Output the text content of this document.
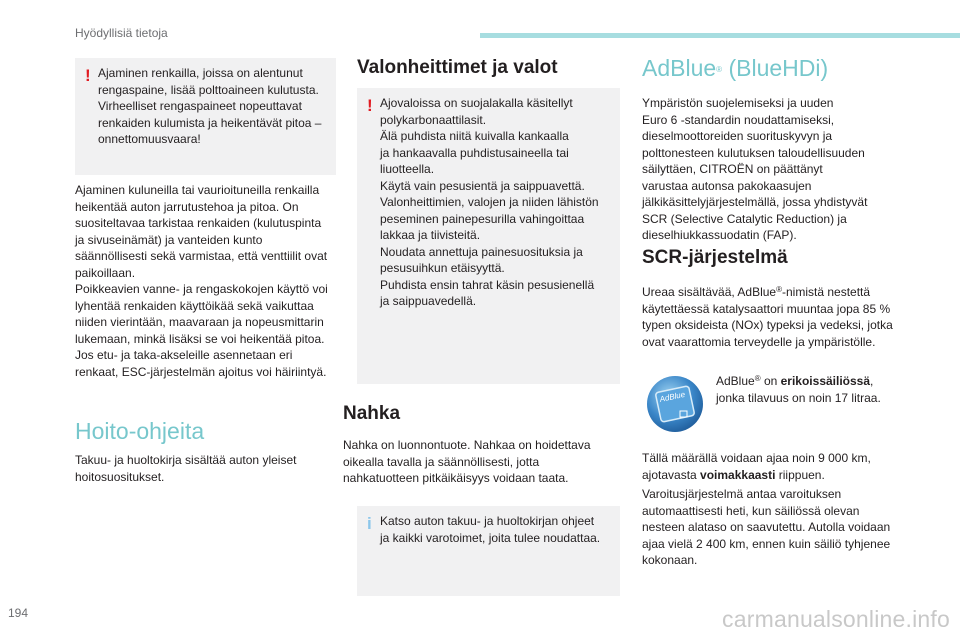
Hyödyllisiä tietoja
! Ajaminen renkailla, joissa on alentunut
rengaspaine, lisää polttoaineen kulutusta.
Virheelliset rengaspaineet nopeuttavat
renkaiden kulumista ja heikentävät pitoa –
onnettomuusvaara!

Ajaminen kuluneilla tai vaurioituneilla renkailla
heikentää auton jarrutustehoa ja pitoa. On
suositeltavaa tarkistaa renkaiden (kulutuspinta
ja sivuseinämät) ja vanteiden kunto
säännöllisesti sekä varmistaa, että venttiilit ovat
paikoillaan.
Poikkeavien vanne- ja rengaskokojen käyttö voi
lyhentää renkaiden käyttöikää sekä vaikuttaa
niiden vierintään, maavaraan ja nopeusmittarin
lukemaan, minkä lisäksi se voi heikentää pitoa.
Jos etu- ja taka-akseleille asennetaan eri
renkaat, ESC-järjestelmän ajoitus voi häiriintyä.

Hoito-ohjeita

Takuu- ja huoltokirja sisältää auton yleiset
hoitosuositukset.

Valonheittimet ja valot
! Ajovaloissa on suojalakalla käsitellyt
polykarbonaattilasit.
Älä puhdista niitä kuivalla kankaalla
ja hankaavalla puhdistusaineella tai
liuotteella.
Käytä vain pesusientä ja saippuavettä.
Valonheittimien, valojen ja niiden lähistön
peseminen painepesurilla vahingoittaa
lakkaa ja tiivisteitä.
Noudata annettuja painesuosituksia ja
pesusuihkun etäisyyttä.
Puhdista ensin tahrat käsin pesusienellä
ja saippuavedellä.

Nahka

Nahka on luonnontuote. Nahkaa on hoidettava
oikealla tavalla ja säännöllisesti, jotta
nahkatuotteen pitkäikäisyys voidaan taata.

i Katso auton takuu- ja huoltokirjan ohjeet
ja kaikki varotoimet, joita tulee noudattaa.

AdBlue® (BlueHDi)

Ympäristön suojelemiseksi ja uuden
Euro 6 -standardin noudattamiseksi,
dieselmoottoreiden suorituskyvyn ja
polttonesteen kulutuksen taloudellisuuden
säilyttäen, CITROËN on päättänyt
varustaa autonsa pakokaasujen
jälkikäsittelyjärjestelmällä, jossa yhdistyvät
SCR (Selective Catalytic Reduction) ja
dieselhiukkassuodatin (FAP).

SCR-järjestelmä

Ureaa sisältävää, AdBlue®-nimistä nestettä
käytettäessä katalysaattori muuntaa jopa 85 %
typen oksideista (NOx) typeksi ja vedeksi, jotka
ovat vaarattomia terveydelle ja ympäristölle.

AdBlue

AdBlue® on erikoissäiliössä,
jonka tilavuus on noin 17 litraa.

Tällä määrällä voidaan ajaa noin 9 000 km,
ajotavasta voimakkaasti riippuen.

Varoitusjärjestelmä antaa varoituksen
automaattisesti heti, kun säiliössä olevan
nesteen alataso on saavutettu. Autolla voidaan
ajaa vielä 2 400 km, ennen kuin säiliö tyhjenee
kokonaan.

194	carmanualsonline.info
